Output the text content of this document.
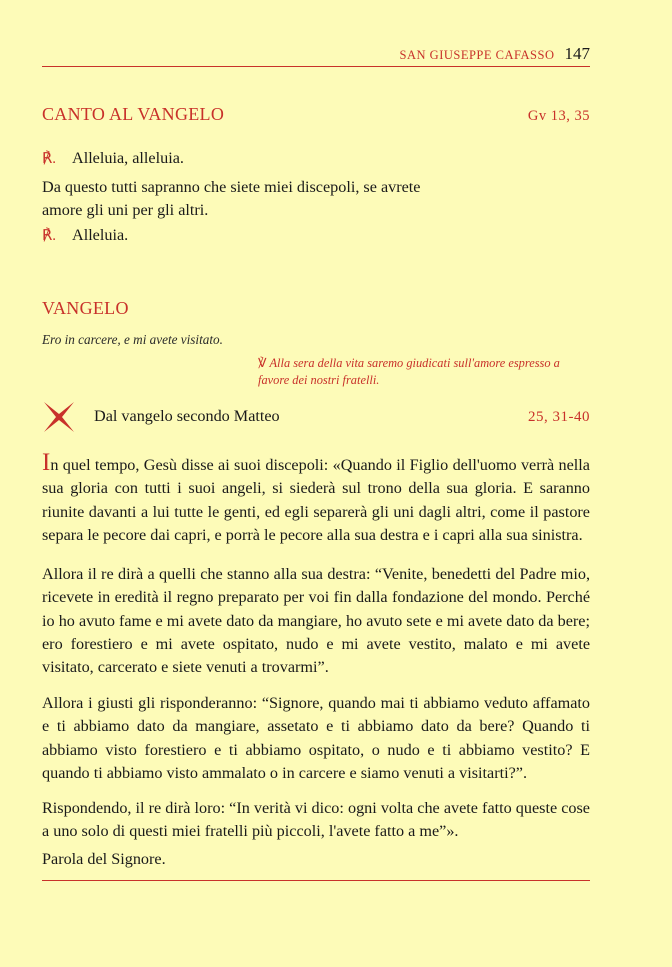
SAN GIUSEPPE CAFASSO 147
CANTO AL VANGELO	Gv 13, 35
℟. Alleluia, alleluia.

Da questo tutti sapranno che siete miei discepoli, se avrete amore gli uni per gli altri.

℟. Alleluia.
VANGELO
Ero in carcere, e mi avete visitato.
℣ Alla sera della vita saremo giudicati sull'amore espresso a favore dei nostri fratelli.
Dal vangelo secondo Matteo	25, 31-40

In quel tempo, Gesù disse ai suoi discepoli: «Quando il Figlio dell'uomo verrà nella sua gloria con tutti i suoi angeli, si siederà sul trono della sua gloria. E saranno riunite davanti a lui tutte le genti, ed egli separerà gli uni dagli altri, come il pastore separa le pecore dai capri, e porrà le pecore alla sua destra e i capri alla sua sinistra.

Allora il re dirà a quelli che stanno alla sua destra: “Venite, benedetti del Padre mio, ricevete in eredità il regno preparato per voi fin dalla fondazione del mondo. Perché io ho avuto fame e mi avete dato da mangiare, ho avuto sete e mi avete dato da bere; ero forestiero e mi avete ospitato, nudo e mi avete vestito, malato e mi avete visitato, carcerato e siete venuti a trovarmi”.

Allora i giusti gli risponderanno: “Signore, quando mai ti abbiamo veduto affamato e ti abbiamo dato da mangiare, assetato e ti abbiamo dato da bere? Quando ti abbiamo visto forestiero e ti abbiamo ospitato, o nudo e ti abbiamo vestito? E quando ti abbiamo visto ammalato o in carcere e siamo venuti a visitarti?”.

Rispondendo, il re dirà loro: “In verità vi dico: ogni volta che avete fatto queste cose a uno solo di questi miei fratelli più piccoli, l'avete fatto a me”».

Parola del Signore.
